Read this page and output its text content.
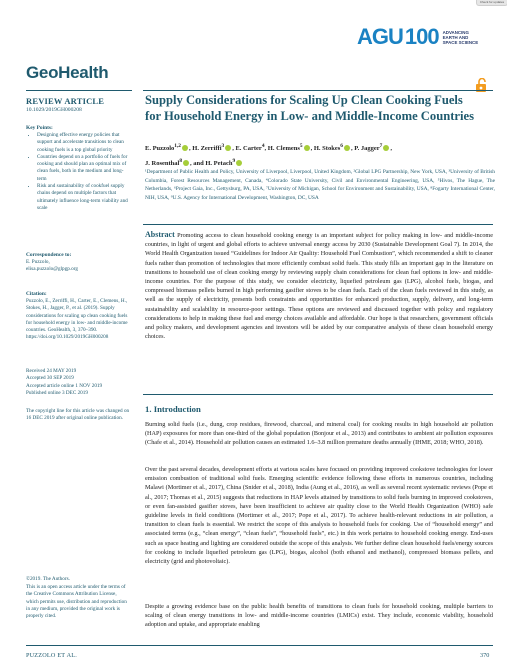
Check for updates
AGU 100 ADVANCING
EARTH AND
SPACE SCIENCE
GeoHealth
REVIEW ARTICLE
10.1029/2019GH000208
Key Points:
• Designing effective energy policies that support and accelerate transitions to clean cooking fuels is a top global priority
• Countries depend on a portfolio of fuels for cooking and should plan an optimal mix of clean fuels, both in the medium and long-term
• Risk and sustainability of cookfuel supply chains depend on multiple factors that ultimately influence long-term viability and scale
Correspondence to:
E. Puzzolo,
elisa.puzzolo@glpgp.org
Citation:
Puzzolo, E., Zerriffi, H., Carter, E., Clemens, H., Stokes, H., Jagger, P., et al. (2019). Supply considerations for scaling up clean cooking fuels for household energy in low- and middle-income countries. GeoHealth, 3, 370–390. https://doi.org/10.1029/2019GH000208
Received 24 MAY 2019
Accepted 30 SEP 2019
Accepted article online 1 NOV 2019
Published online 3 DEC 2019
The copyright line for this article was changed on 16 DEC 2019 after original online publication.
©2019. The Authors.
This is an open access article under the terms of the Creative Commons Attribution License, which permits use, distribution and reproduction in any medium, provided the original work is properly cited.
Supply Considerations for Scaling Up Clean Cooking Fuels for Household Energy in Low- and Middle-Income Countries
E. Puzzolo$^{1,2}$ , H. Zerriffi$^3$ , E. Carter$^4$, H. Clemens$^5$ , H. Stokes$^6$ , P. Jagger$^7$ ,
J. Rosenthal$^8$ , and H. Petach$^9$
¹Department of Public Health and Policy, University of Liverpool, Liverpool, United Kingdom, ²Global LPG Partnership, New York, USA, ³University of British Columbia, Forest Resources Management, Canada, ⁴Colorado State University, Civil and Environmental Engineering, USA, ⁵Hivos, The Hague, The Netherlands, ⁶Project Gaia, Inc., Gettysburg, PA, USA, ⁷University of Michigan, School for Environment and Sustainability, USA, ⁸Fogarty International Center, NIH, USA, ⁹U.S. Agency for International Development, Washington, DC, USA
Abstract Promoting access to clean household cooking energy is an important subject for policy making in low- and middle-income countries, in light of urgent and global efforts to achieve universal energy access by 2030 (Sustainable Development Goal 7). In 2014, the World Health Organization issued “Guidelines for Indoor Air Quality: Household Fuel Combustion”, which recommended a shift to cleaner fuels rather than promotion of technologies that more efficiently combust solid fuels. This study fills an important gap in the literature on transitions to household use of clean cooking energy by reviewing supply chain considerations for clean fuel options in low- and middle-income countries. For the purpose of this study, we consider electricity, liquefied petroleum gas (LPG), alcohol fuels, biogas, and compressed biomass pellets burned in high performing gasifier stoves to be clean fuels. Each of the clean fuels reviewed in this study, as well as the supply of electricity, presents both constraints and opportunities for enhanced production, supply, delivery, and long-term sustainability and scalability in resource-poor settings. These options are reviewed and discussed together with policy and regulatory considerations to help in making these fuel and energy choices available and affordable. Our hope is that researchers, government officials and policy makers, and development agencies and investors will be aided by our comparative analysis of these clean household energy choices.
1. Introduction
Burning solid fuels (i.e., dung, crop residues, firewood, charcoal, and mineral coal) for cooking results in high household air pollution (HAP) exposures for more than one-third of the global population (Bonjour et al., 2013) and contributes to ambient air pollution exposures (Chafe et al., 2014). Household air pollution causes an estimated 1.6–3.8 million premature deaths annually (IHME, 2018; WHO, 2018).
Over the past several decades, development efforts at various scales have focused on providing improved cookstove technologies for lower emission combustion of traditional solid fuels. Emerging scientific evidence following these efforts in numerous countries, including Malawi (Mortimer et al., 2017), China (Snider et al., 2018), India (Aung et al., 2016), as well as several recent systematic reviews (Pope et al., 2017; Thomas et al., 2015) suggests that reductions in HAP levels attained by transitions to solid fuels burning in improved cookstoves, or even fan-assisted gasifier stoves, have been insufficient to achieve air quality close to the World Health Organization (WHO) safe guideline levels in field conditions (Mortimer et al., 2017; Pope et al., 2017). To achieve health-relevant reductions in air pollution, a transition to clean fuels is essential. We restrict the scope of this analysis to household fuels for cooking. Use of “household energy” and associated terms (e.g., “clean energy”, “clean fuels”, “household fuels”, etc.) in this work pertains to household cooking energy. End-uses such as space heating and lighting are considered outside the scope of this analysis. We further define clean household fuels/energy sources for cooking to include liquefied petroleum gas (LPG), biogas, alcohol (both ethanol and methanol), compressed biomass pellets, and electricity (grid and photovoltaic).
Despite a growing evidence base on the public health benefits of transitions to clean fuels for household cooking, multiple barriers to scaling of clean energy transitions in low- and middle-income countries (LMICs) exist. They include, economic viability, household adoption and uptake, and appropriate enabling
PUZZOLO ET AL.	370
